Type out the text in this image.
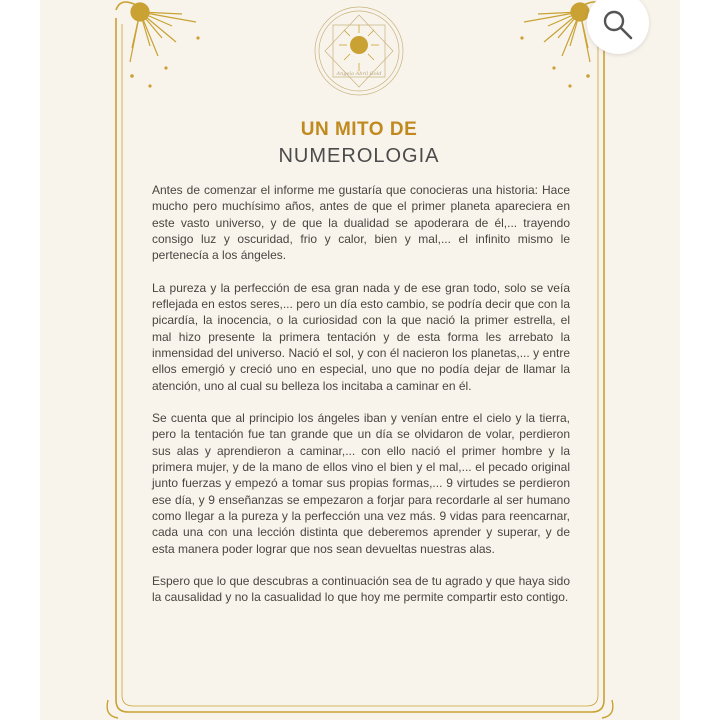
Angela Abril Gold
UN MITO DE
NUMEROLOGIA

Antes de comenzar el informe me gustaría que conocieras una historia: Hace mucho pero muchísimo años, antes de que el primer planeta apareciera en este vasto universo, y de que la dualidad se apoderara de él,... trayendo consigo luz y oscuridad, frio y calor, bien y mal,... el infinito mismo le pertenecía a los ángeles.

La pureza y la perfección de esa gran nada y de ese gran todo, solo se veía reflejada en estos seres,... pero un día esto cambio, se podría decir que con la picardía, la inocencia, o la curiosidad con la que nació la primer estrella, el mal hizo presente la primera tentación y de esta forma les arrebato la inmensidad del universo. Nació el sol, y con él nacieron los planetas,... y entre ellos emergió y creció uno en especial, uno que no podía dejar de llamar la atención, uno al cual su belleza los incitaba a caminar en él.

Se cuenta que al principio los ángeles iban y venían entre el cielo y la tierra, pero la tentación fue tan grande que un día se olvidaron de volar, perdieron sus alas y aprendieron a caminar,... con ello nació el primer hombre y la primera mujer, y de la mano de ellos vino el bien y el mal,... el pecado original junto fuerzas y empezó a tomar sus propias formas,... 9 virtudes se perdieron ese día, y 9 enseñanzas se empezaron a forjar para recordarle al ser humano como llegar a la pureza y la perfección una vez más. 9 vidas para reencarnar, cada una con una lección distinta que deberemos aprender y superar, y de esta manera poder lograr que nos sean devueltas nuestras alas.

Espero que lo que descubras a continuación sea de tu agrado y que haya sido la causalidad y no la casualidad lo que hoy me permite compartir esto contigo.
